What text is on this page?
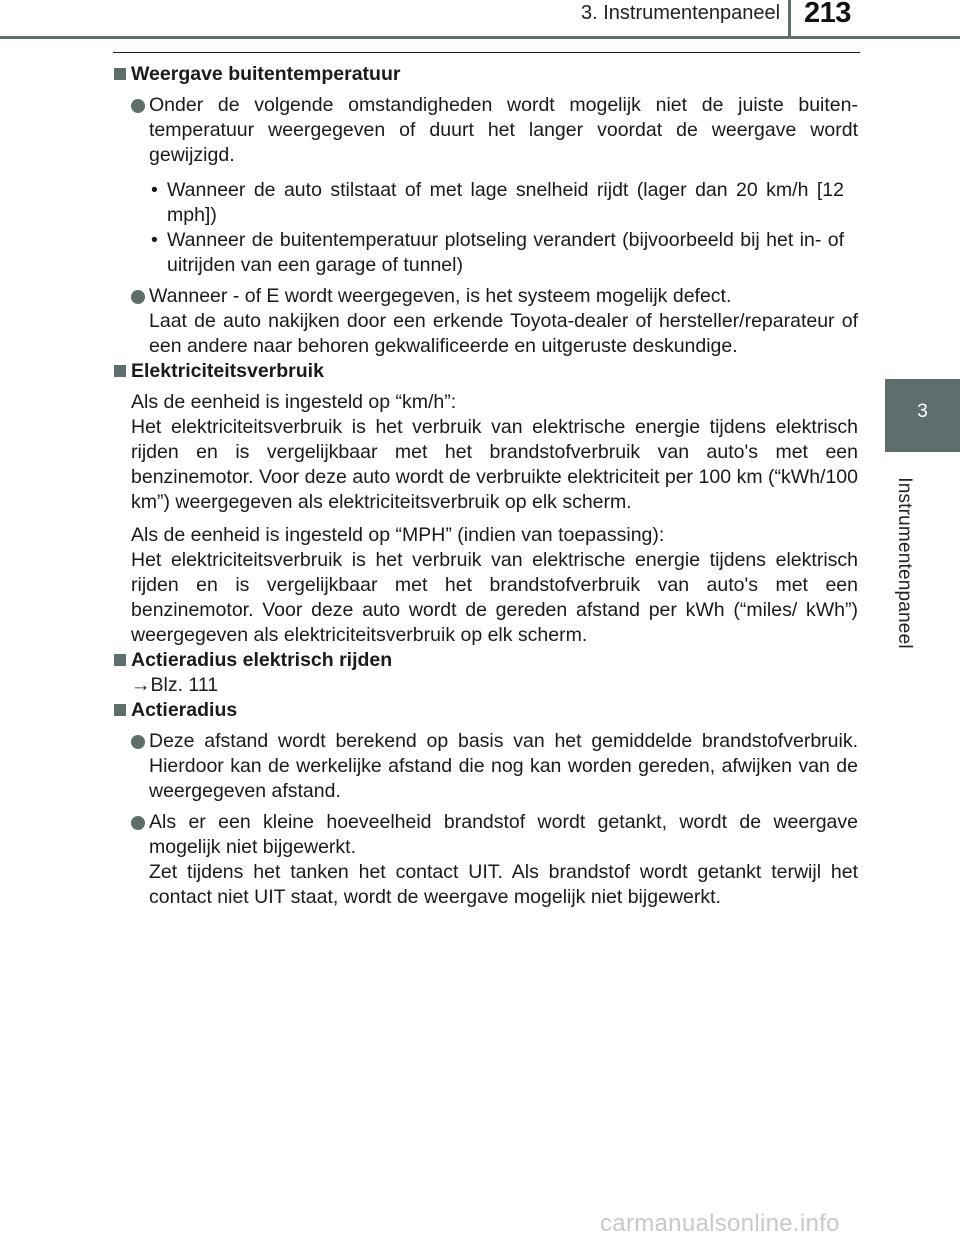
3. Instrumentenpaneel 213
3
Instrumentenpaneel

Weergave buitentemperatuur

Onder de volgende omstandigheden wordt mogelijk niet de juiste buitentemperatuur weergegeven of duurt het langer voordat de weergave wordt gewijzigd.

• Wanneer de auto stilstaat of met lage snelheid rijdt (lager dan 20 km/h [12 mph])

• Wanneer de buitentemperatuur plotseling verandert (bijvoorbeeld bij het in- of uitrijden van een garage of tunnel)

Wanneer - of E wordt weergegeven, is het systeem mogelijk defect.

Laat de auto nakijken door een erkende Toyota-dealer of hersteller/reparateur of een andere naar behoren gekwalificeerde en uitgeruste deskundige.

Elektriciteitsverbruik

Als de eenheid is ingesteld op “km/h”:

Het elektriciteitsverbruik is het verbruik van elektrische energie tijdens elektrisch rijden en is vergelijkbaar met het brandstofverbruik van auto's met een benzinemotor. Voor deze auto wordt de verbruikte elektriciteit per 100 km (“kWh/100 km”) weergegeven als elektriciteitsverbruik op elk scherm.

Als de eenheid is ingesteld op “MPH” (indien van toepassing):

Het elektriciteitsverbruik is het verbruik van elektrische energie tijdens elektrisch rijden en is vergelijkbaar met het brandstofverbruik van auto's met een benzinemotor. Voor deze auto wordt de gereden afstand per kWh (“miles/ kWh”) weergegeven als elektriciteitsverbruik op elk scherm.

Actieradius elektrisch rijden

→Blz. 111

Actieradius

Deze afstand wordt berekend op basis van het gemiddelde brandstofverbruik. Hierdoor kan de werkelijke afstand die nog kan worden gereden, afwijken van de weergegeven afstand.

Als er een kleine hoeveelheid brandstof wordt getankt, wordt de weergave mogelijk niet bijgewerkt.

Zet tijdens het tanken het contact UIT. Als brandstof wordt getankt terwijl het contact niet UIT staat, wordt de weergave mogelijk niet bijgewerkt.

carmanualsonline.info
